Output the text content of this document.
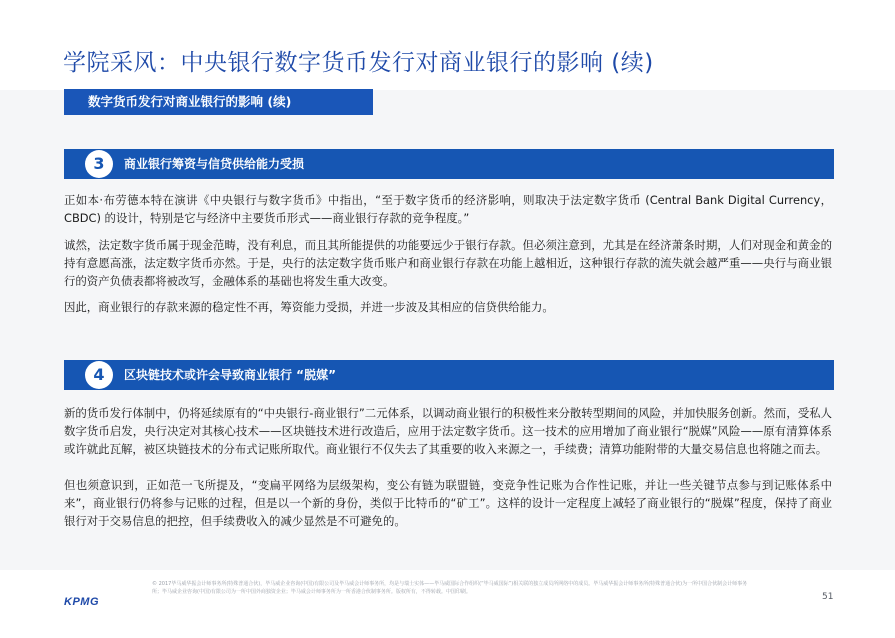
学院采风：中央银行数字货币发行对商业银行的影响 (续)
数字货币发行对商业银行的影响 (续)
3	商业银行筹资与信贷供给能力受损

正如本·布劳德本特在演讲《中央银行与数字货币》中指出，“至于数字货币的经济影响，则取决于法定数字货币 (Central Bank Digital Currency，CBDC) 的设计，特别是它与经济中主要货币形式——商业银行存款的竞争程度。”

诚然，法定数字货币属于现金范畴，没有利息，而且其所能提供的功能要远少于银行存款。但必须注意到，尤其是在经济萧条时期，人们对现金和黄金的持有意愿高涨，法定数字货币亦然。于是，央行的法定数字货币账户和商业银行存款在功能上越相近，这种银行存款的流失就会越严重——央行与商业银行的资产负债表都将被改写，金融体系的基础也将发生重大改变。

因此，商业银行的存款来源的稳定性不再，筹资能力受损，并进一步波及其相应的信贷供给能力。

4	区块链技术或许会导致商业银行 “脱媒”

新的货币发行体制中，仍将延续原有的“中央银行-商业银行”二元体系，以调动商业银行的积极性来分散转型期间的风险，并加快服务创新。然而，受私人数字货币启发，央行决定对其核心技术——区块链技术进行改造后，应用于法定数字货币。这一技术的应用增加了商业银行“脱媒”风险——原有清算体系或许就此瓦解，被区块链技术的分布式记账所取代。商业银行不仅失去了其重要的收入来源之一，手续费；清算功能附带的大量交易信息也将随之而去。

但也须意识到，正如范一飞所提及，“变扁平网络为层级架构，变公有链为联盟链，变竞争性记账为合作性记账，并让一些关键节点参与到记账体系中来”，商业银行仍将参与记账的过程，但是以一个新的身份，类似于比特币的“矿工”。这样的设计一定程度上减轻了商业银行的“脱媒”程度，保持了商业银行对于交易信息的把控，但手续费收入的减少显然是不可避免的。

KPMG
© 2017毕马威华振会计师事务所(特殊普通合伙)，毕马威企业咨询(中国)有限公司及毕马威会计师事务所，均是与瑞士实体——毕马威国际合作组织(“毕马威国际”)相关联的独立成员所网络中的成员。毕马威华振会计师事务所(特殊普通合伙)为一所中国合伙制会计师事务所；毕马威企业咨询(中国)有限公司为一所中国外商独资企业；毕马威会计师事务所为一所香港合伙制事务所。版权所有，不得转载。中国印刷。	51
